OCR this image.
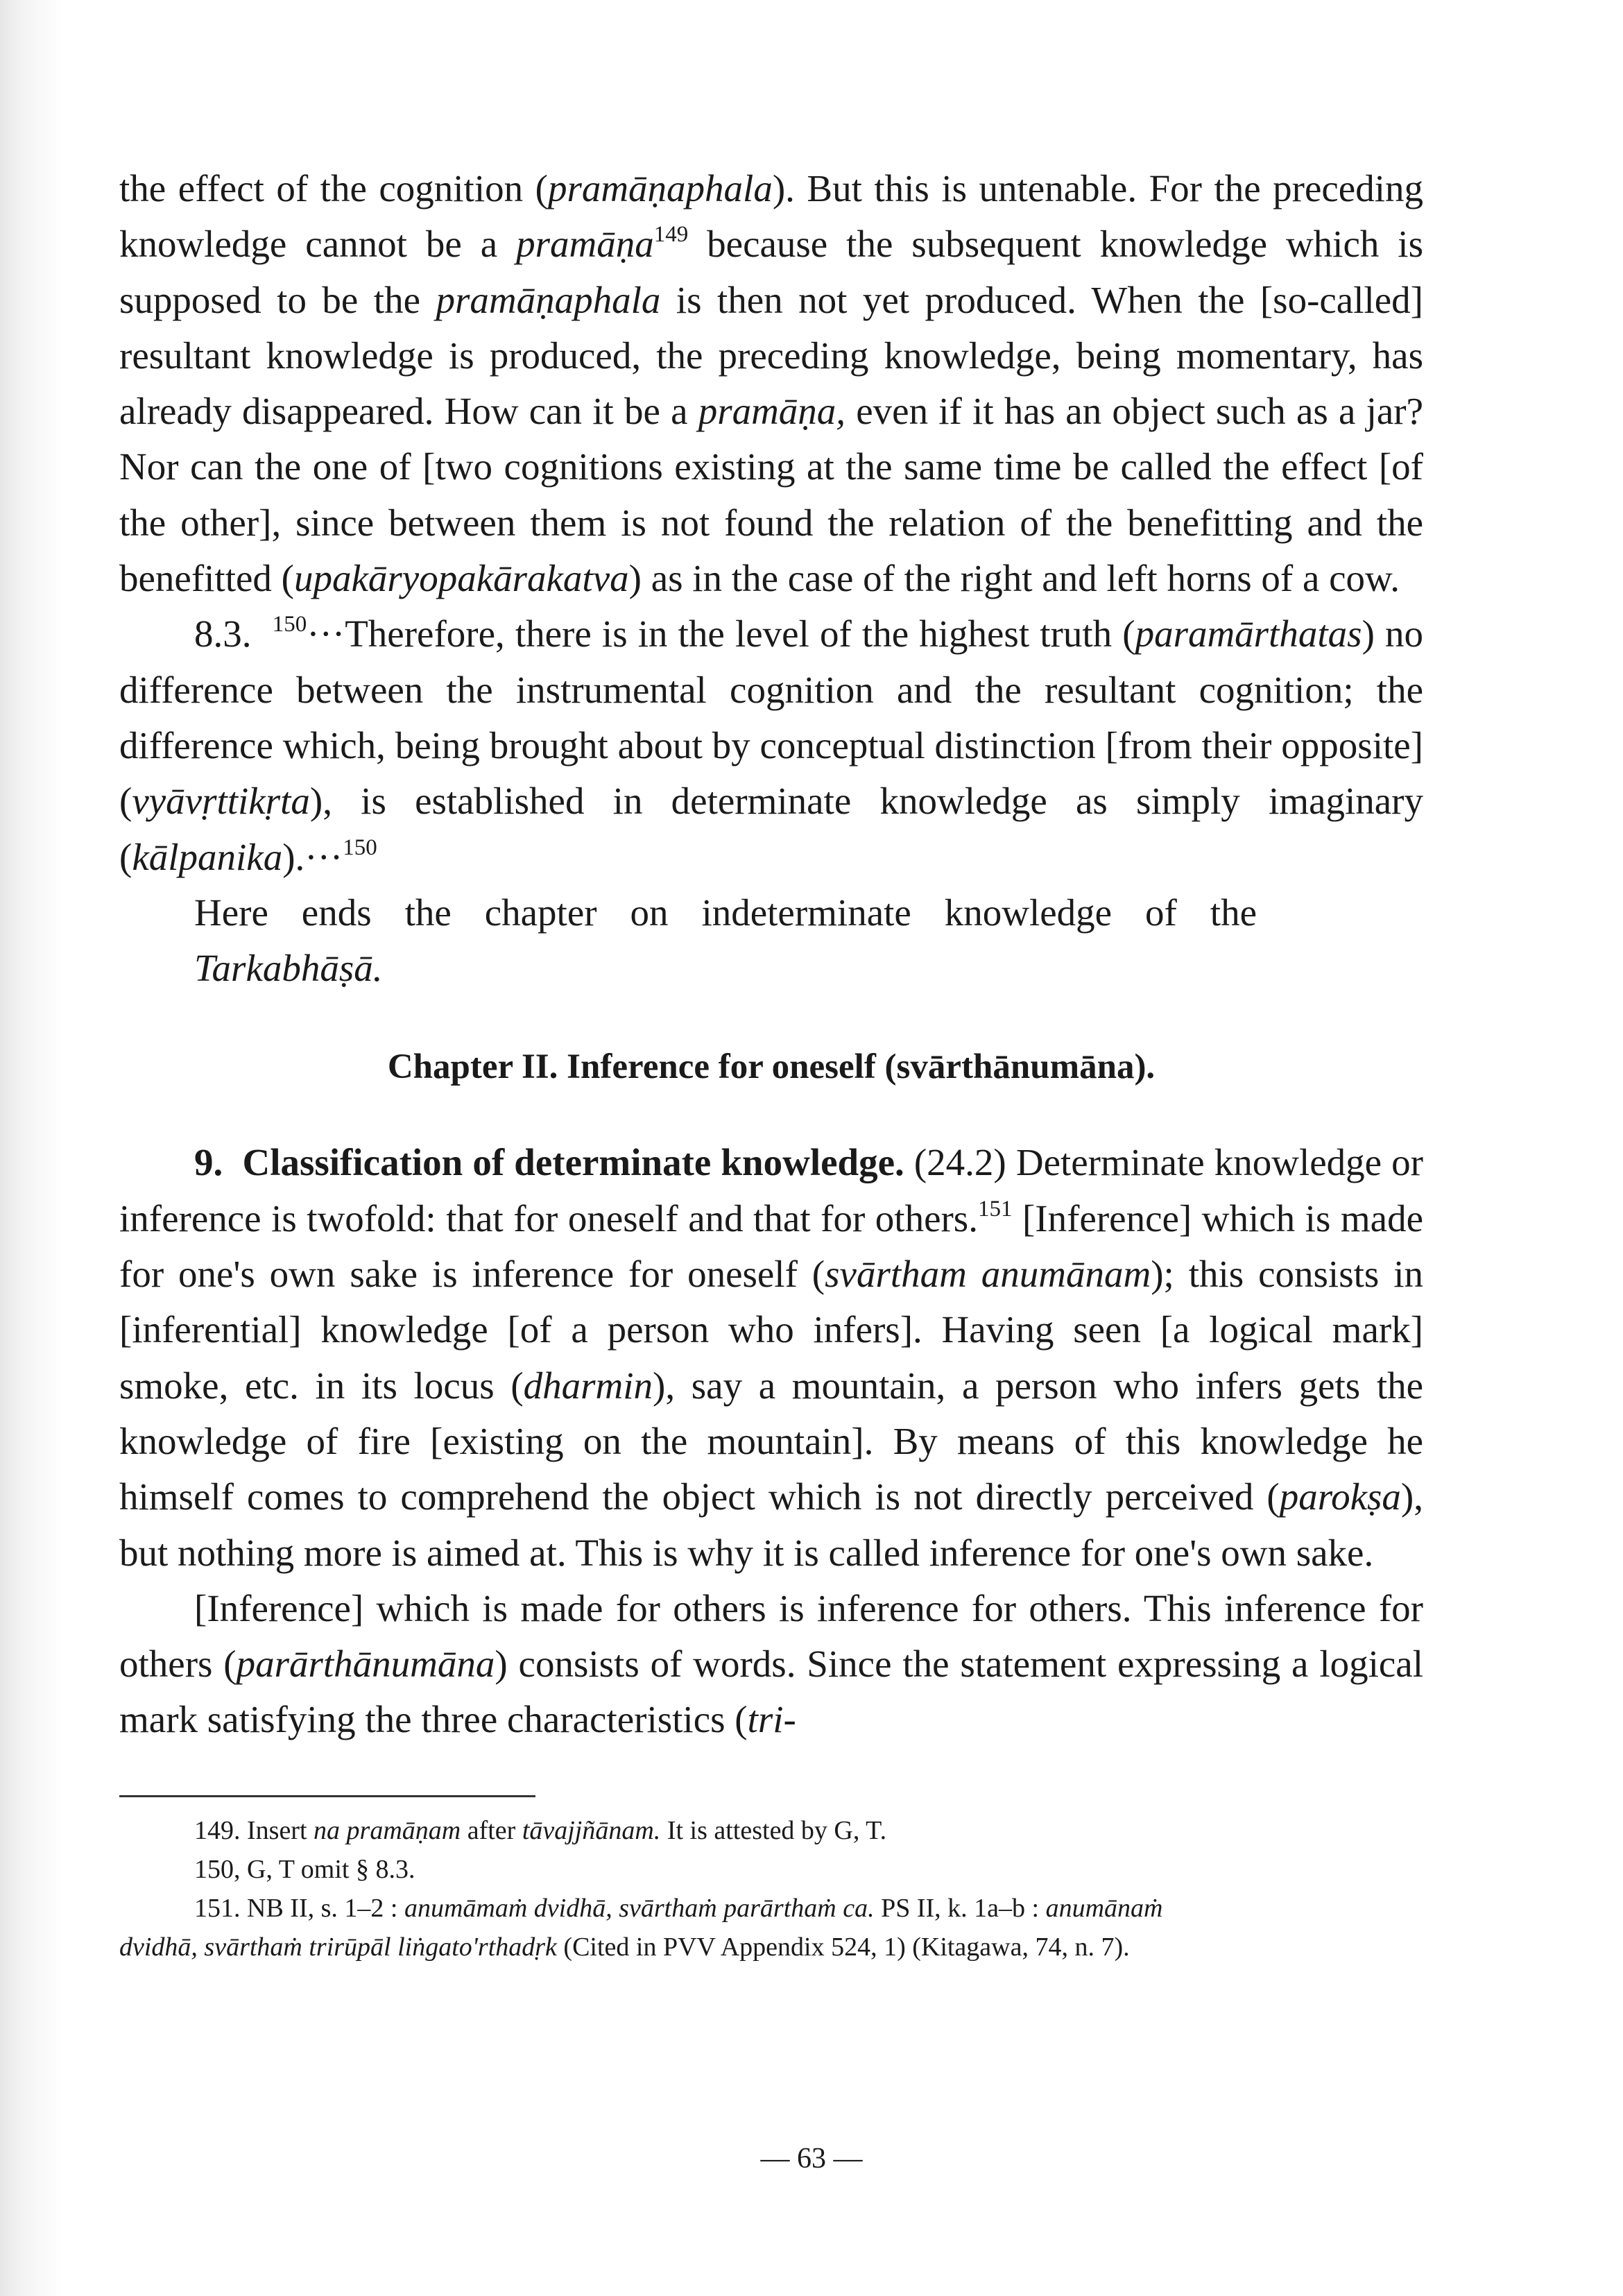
the effect of the cognition (pramāṇaphala). But this is untenable. For the preceding knowledge cannot be a pramāṇa$^{149}$ because the subsequent knowledge which is supposed to be the pramāṇaphala is then not yet produced. When the [so-called] resultant knowledge is produced, the preceding knowledge, being momentary, has already disappeared. How can it be a pramāṇa, even if it has an object such as a jar? Nor can the one of [two cognitions existing at the same time be called the effect [of the other], since between them is not found the relation of the benefitting and the benefitted (upakāryopakārakatva) as in the case of the right and left horns of a cow.

8.3. $^{150}$···Therefore, there is in the level of the highest truth (paramārthatas) no difference between the instrumental cognition and the resultant cognition; the difference which, being brought about by conceptual distinction [from their opposite] (vyāvṛttikṛta), is established in determinate knowledge as simply imaginary (kālpanika).···$^{150}$

Here ends the chapter on indeterminate knowledge of the Tarkabhāṣā.

Chapter II. Inference for oneself (svārthānumāna).

9. Classification of determinate knowledge. (24.2) Determinate knowledge or inference is twofold: that for oneself and that for others.$^{151}$ [Inference] which is made for one's own sake is inference for oneself (svārtham anumānam); this consists in [inferential] knowledge [of a person who infers]. Having seen [a logical mark] smoke, etc. in its locus (dharmin), say a mountain, a person who infers gets the knowledge of fire [existing on the mountain]. By means of this knowledge he himself comes to comprehend the object which is not directly perceived (parokṣa), but nothing more is aimed at. This is why it is called inference for one's own sake.

[Inference] which is made for others is inference for others. This inference for others (parārthānumāna) consists of words. Since the statement expressing a logical mark satisfying the three characteristics (tri-

149. Insert na pramāṇam after tāvajjñānam. It is attested by G, T.

150, G, T omit § 8.3.

151. NB II, s. 1–2 : anumāmaṁ dvidhā, svārthaṁ parārthaṁ ca. PS II, k. 1a–b : anumānaṁ

dvidhā, svārthaṁ trirūpāl liṅgato'rthadṛk (Cited in PVV Appendix 524, 1) (Kitagawa, 74, n. 7).

— 63 —
